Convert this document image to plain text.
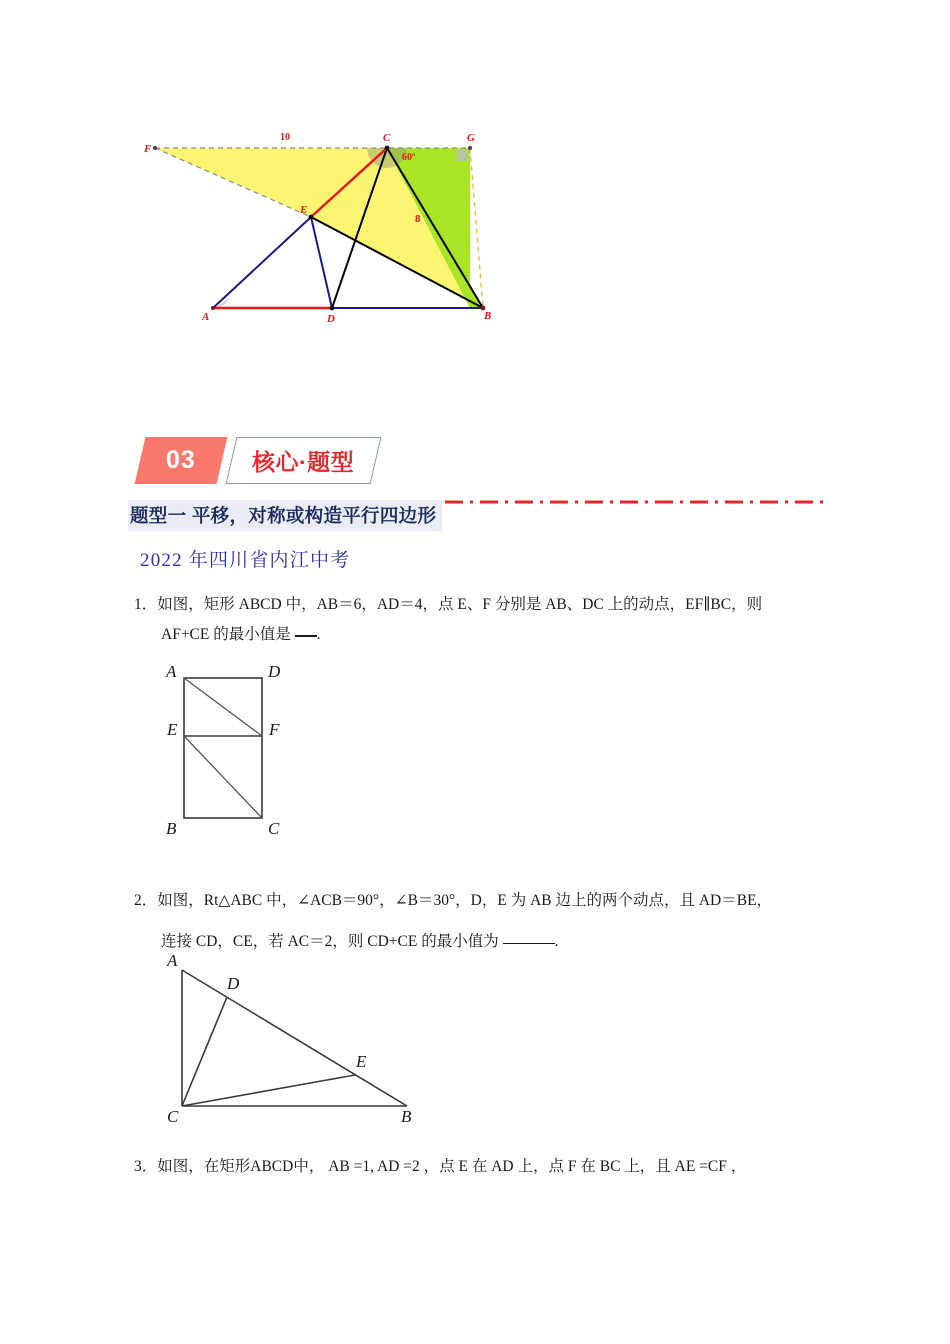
F
C	G
E
A	D	B
10
60º
8
03 核心·题型
题型一 平移，对称或构造平行四边形
2022 年四川省内江中考
1．如图，矩形 ABCD 中，AB＝6，AD＝4，点 E、F 分别是 AB、DC 上的动点，EF∥BC，则
AF+CE 的最小值是 .
A	D
E	F
B	C
2．如图，Rt△ABC 中，∠ACB＝90°，∠B＝30°，D，E 为 AB 边上的两个动点，且 AD＝BE，
连接 CD，CE，若 AC＝2，则 CD+CE 的最小值为	.
A
D
E
C	B
3．如图，在矩形ABCD中， AB =1, AD =2 ，点 E 在 AD 上，点 F 在 BC 上，且 AE =CF ，
